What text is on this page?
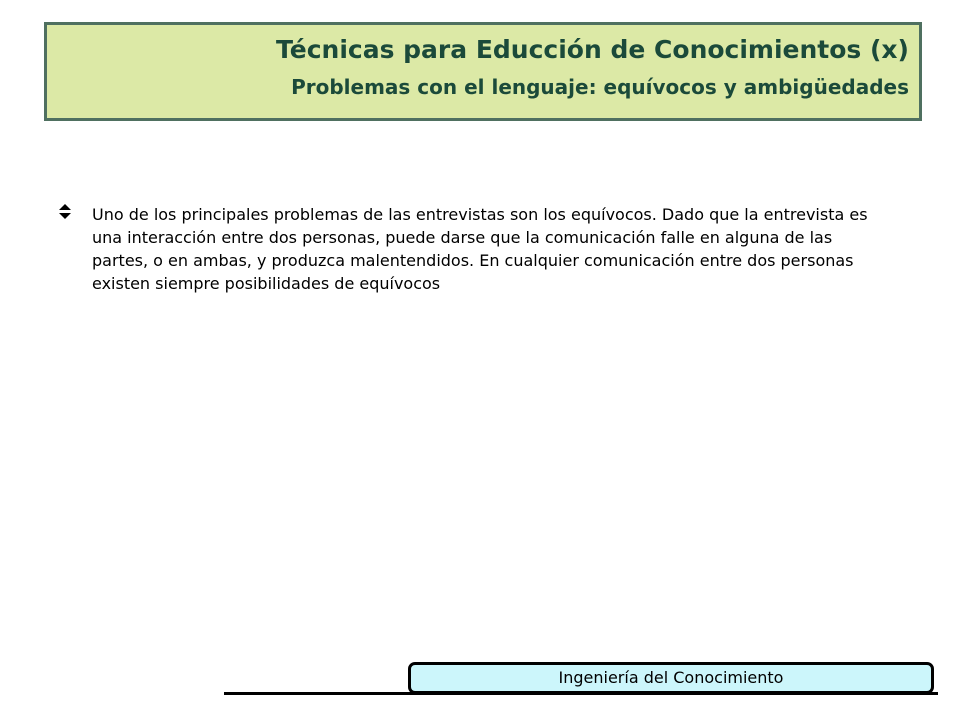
Técnicas para Educción de Conocimientos (x)
Problemas con el lenguaje: equívocos y ambigüedades
Uno de los principales problemas de las entrevistas son los equívocos. Dado que la entrevista es una interacción entre dos personas, puede darse que la comunicación falle en alguna de las partes, o en ambas, y produzca malentendidos. En cualquier comunicación entre dos personas existen siempre posibilidades de equívocos
Ingeniería del Conocimiento
